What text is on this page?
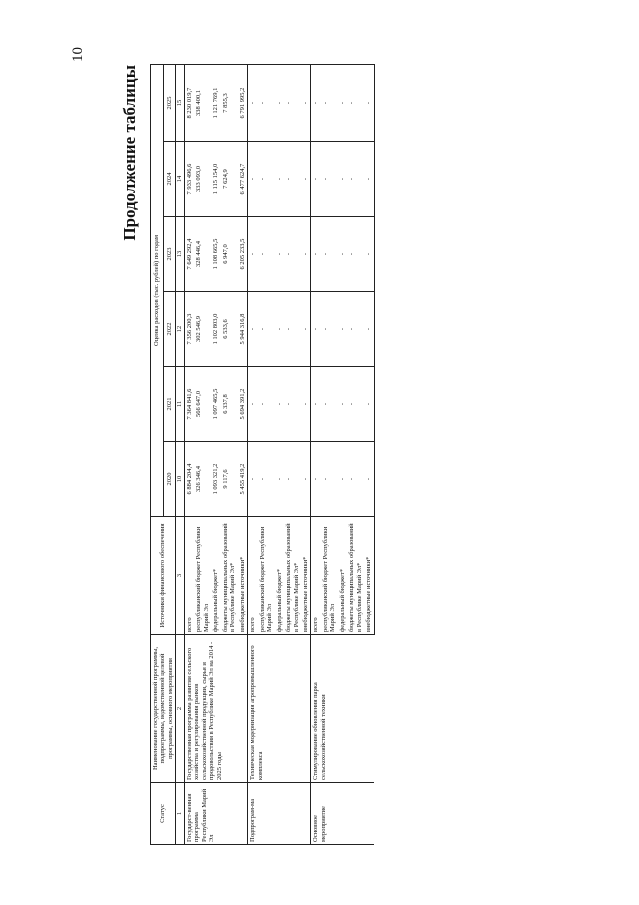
10
Продолжение таблицы
Статус	Наименование государственной программы, подпрограммы, ведомственной целевой программы, основного мероприятия	Источники финансового обеспечения	Оценка расходов (тыс. рублей) по годам					
			2020	2021	2022	2023	2024	2025
1	2	3	10	11	12	13	14	15
Государст-венная программа Республики Марий Эл	Государственная программа развития сельского хозяйства и регулирования рынков сельскохозяйственной продукции, сырья и продовольствия в Республике Марий Эл на 2014 - 2025 годы	всего	6 884 204,4	7 364 841,6	7 356 200,3	7 649 292,4	7 933 496,6	8 230 019,7
		республиканский бюджет Республики Марий Эл	326 346,4	566 647,0	302 546,9	328 446,4	333 093,0	338 400,1
		федеральный бюджет*	1 093 321,2	1 097 465,5	1 102 803,0	1 108 665,5	1 115 154,0	1 121 769,1
		бюджеты муниципальных образований в Республике Марий Эл*	9 117,6	6 337,8	6 533,6	6 947,0	7 624,9	7 855,3
		внебюджетные источники*	5 455 419,2	5 694 391,2	5 944 316,8	6 205 233,5	6 477 624,7	6 791 995,2
Подпрограм-ма	Техническая модернизация агропромышленного комплекса	всего	-	-	-	-	-	-
		республиканский бюджет Республики Марий Эл	-	-	-	-	-	-
		федеральный бюджет*	-	-	-	-	-	-
		бюджеты муниципальных образований в Республике Марий Эл*	-	-	-	-	-	-
		внебюджетные источники*	-	-	-	-	-	-
Основное мероприятие	Стимулирование обновления парка сельскохозяйственной техники	всего	-	-	-	-	-	-
		республиканский бюджет Республики Марий Эл	-	-	-	-	-	-
		федеральный бюджет*	-	-	-	-	-	-
		бюджеты муниципальных образований в Республике Марий Эл*	-	-	-	-	-	-
		внебюджетные источники*	-	-	-	-	-	-
